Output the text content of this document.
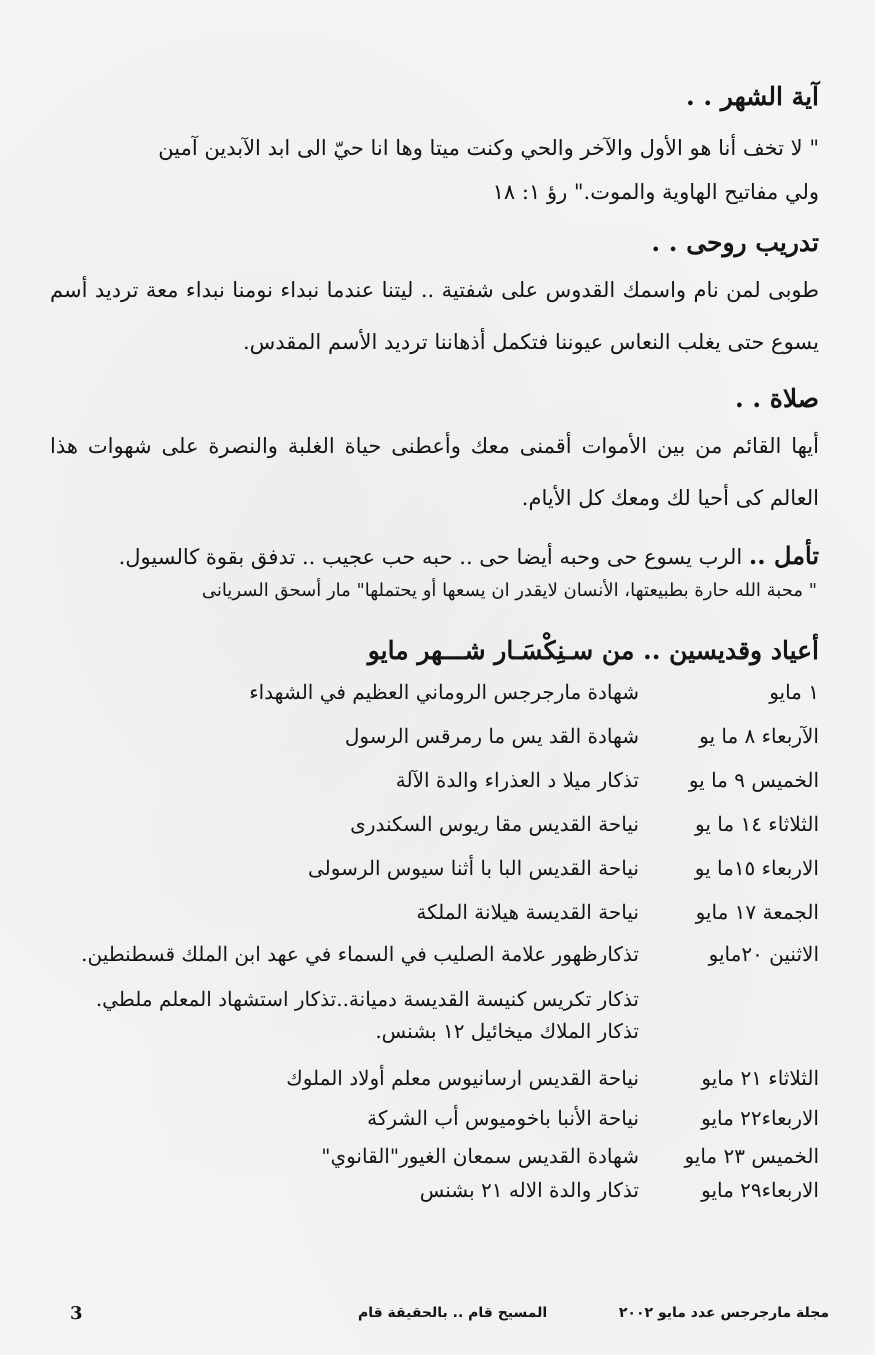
آية الشهر . .

" لا تخف أنا هو الأول والآخر والحي وكنت ميتا وها انا حيّ الى ابد الآبدين آمين

ولي مفاتيح الهاوية والموت." رؤ ١: ١٨

تدريب روحى . .

طوبى لمن نام واسمك القدوس على شفتية .. ليتنا عندما نبداء نومنا نبداء معة ترديد أسم يسوع حتى يغلب النعاس عيوننا فتكمل أذهاننا ترديد الأسم المقدس.

صلاة . .

أيها القائم من بين الأموات أقمنى معك وأعطنى حياة الغلبة والنصرة على شهوات هذا العالم كى أحيا لك ومعك كل الأيام.

تأمل .. الرب يسوع حى وحبه أيضا حى .. حبه حب عجيب .. تدفق بقوة كالسيول.

" محبة الله حارة بطبيعتها، الأنسان لايقدر ان يسعها أو يحتملها" مار أسحق السريانى

أعياد وقديسين .. من سـنِكْسَـار شـــهر مايو
١ مايو
شهادة مارجرجس الروماني العظيم في الشهداء
الآربعاء ٨ ما يو
شهادة القد يس ما رمرقس الرسول
الخميس ٩ ما يو
تذكار ميلا د العذراء والدة الآلة
الثلاثاء ١٤ ما يو
نياحة القديس مقا ريوس السكندرى
الاربعاء ١٥ما يو
نياحة القديس البا با أثنا سيوس الرسولى
الجمعة ١٧ مايو
نياحة القديسة هيلانة الملكة
الاثنين ٢٠مايو
تذكارظهور علامة الصليب في السماء في عهد ابن الملك قسطنطين.
تذكار تكريس كنيسة القديسة دميانة..تذكار استشهاد المعلم ملطي.
تذكار الملاك ميخائيل ١٢ بشنس.
الثلاثاء ٢١ مايو
نياحة القديس ارسانيوس معلم أولاد الملوك
الاربعاء٢٢ مايو
نياحة الأنبا باخوميوس أب الشركة
الخميس ٢٣ مايو
شهادة القديس سمعان الغيور"القانوي"
الاربعاء٢٩ مايو
تذكار والدة الاله ٢١ بشنس
3	المسيح قام .. بالحقيقة قام	مجلة مارجرجس عدد مايو ٢٠٠٢
